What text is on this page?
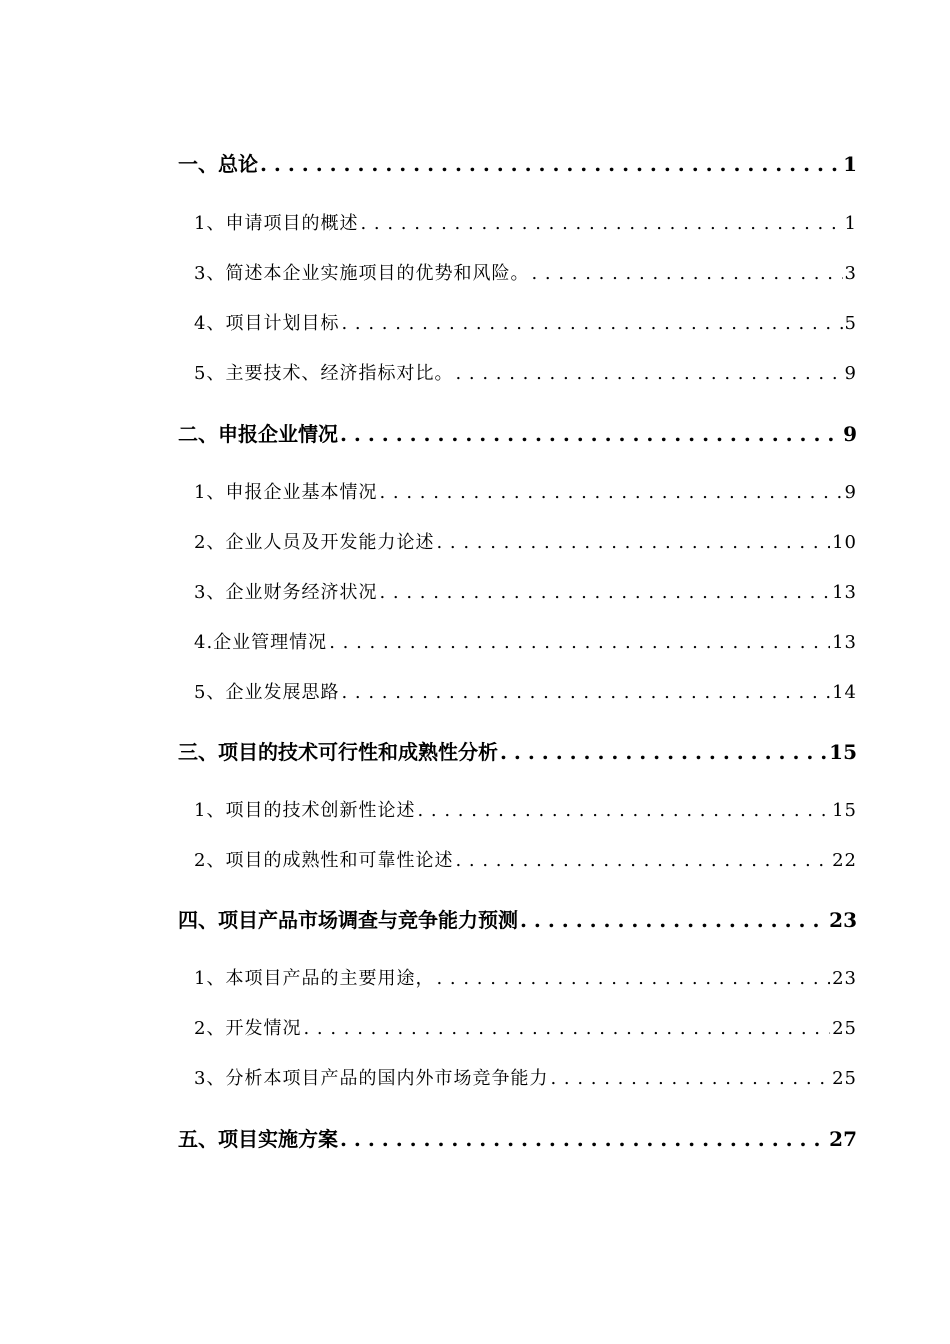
一、总论 . . .	1
1、申请项目的概述 . . .	1
3、简述本企业实施项目的优势和风险。 . . .	3
4、项目计划目标 . . .	5
5、主要技术、经济指标对比。 . . .	9
二、申报企业情况 . . .	9
1、申报企业基本情况 . . .	9
2、企业人员及开发能力论述 . . .	10
3、企业财务经济状况 . . .	13
4.企业管理情况 . . .	13
5、企业发展思路 . . .	14
三、项目的技术可行性和成熟性分析 . . .	15
1、项目的技术创新性论述 . . .	15
2、项目的成熟性和可靠性论述 . . .	22
四、项目产品市场调查与竞争能力预测 . . .	23
1、本项目产品的主要用途， . . .	23
2、开发情况 . . .	25
3、分析本项目产品的国内外市场竞争能力 . . .	25
五、项目实施方案 . . .	27
